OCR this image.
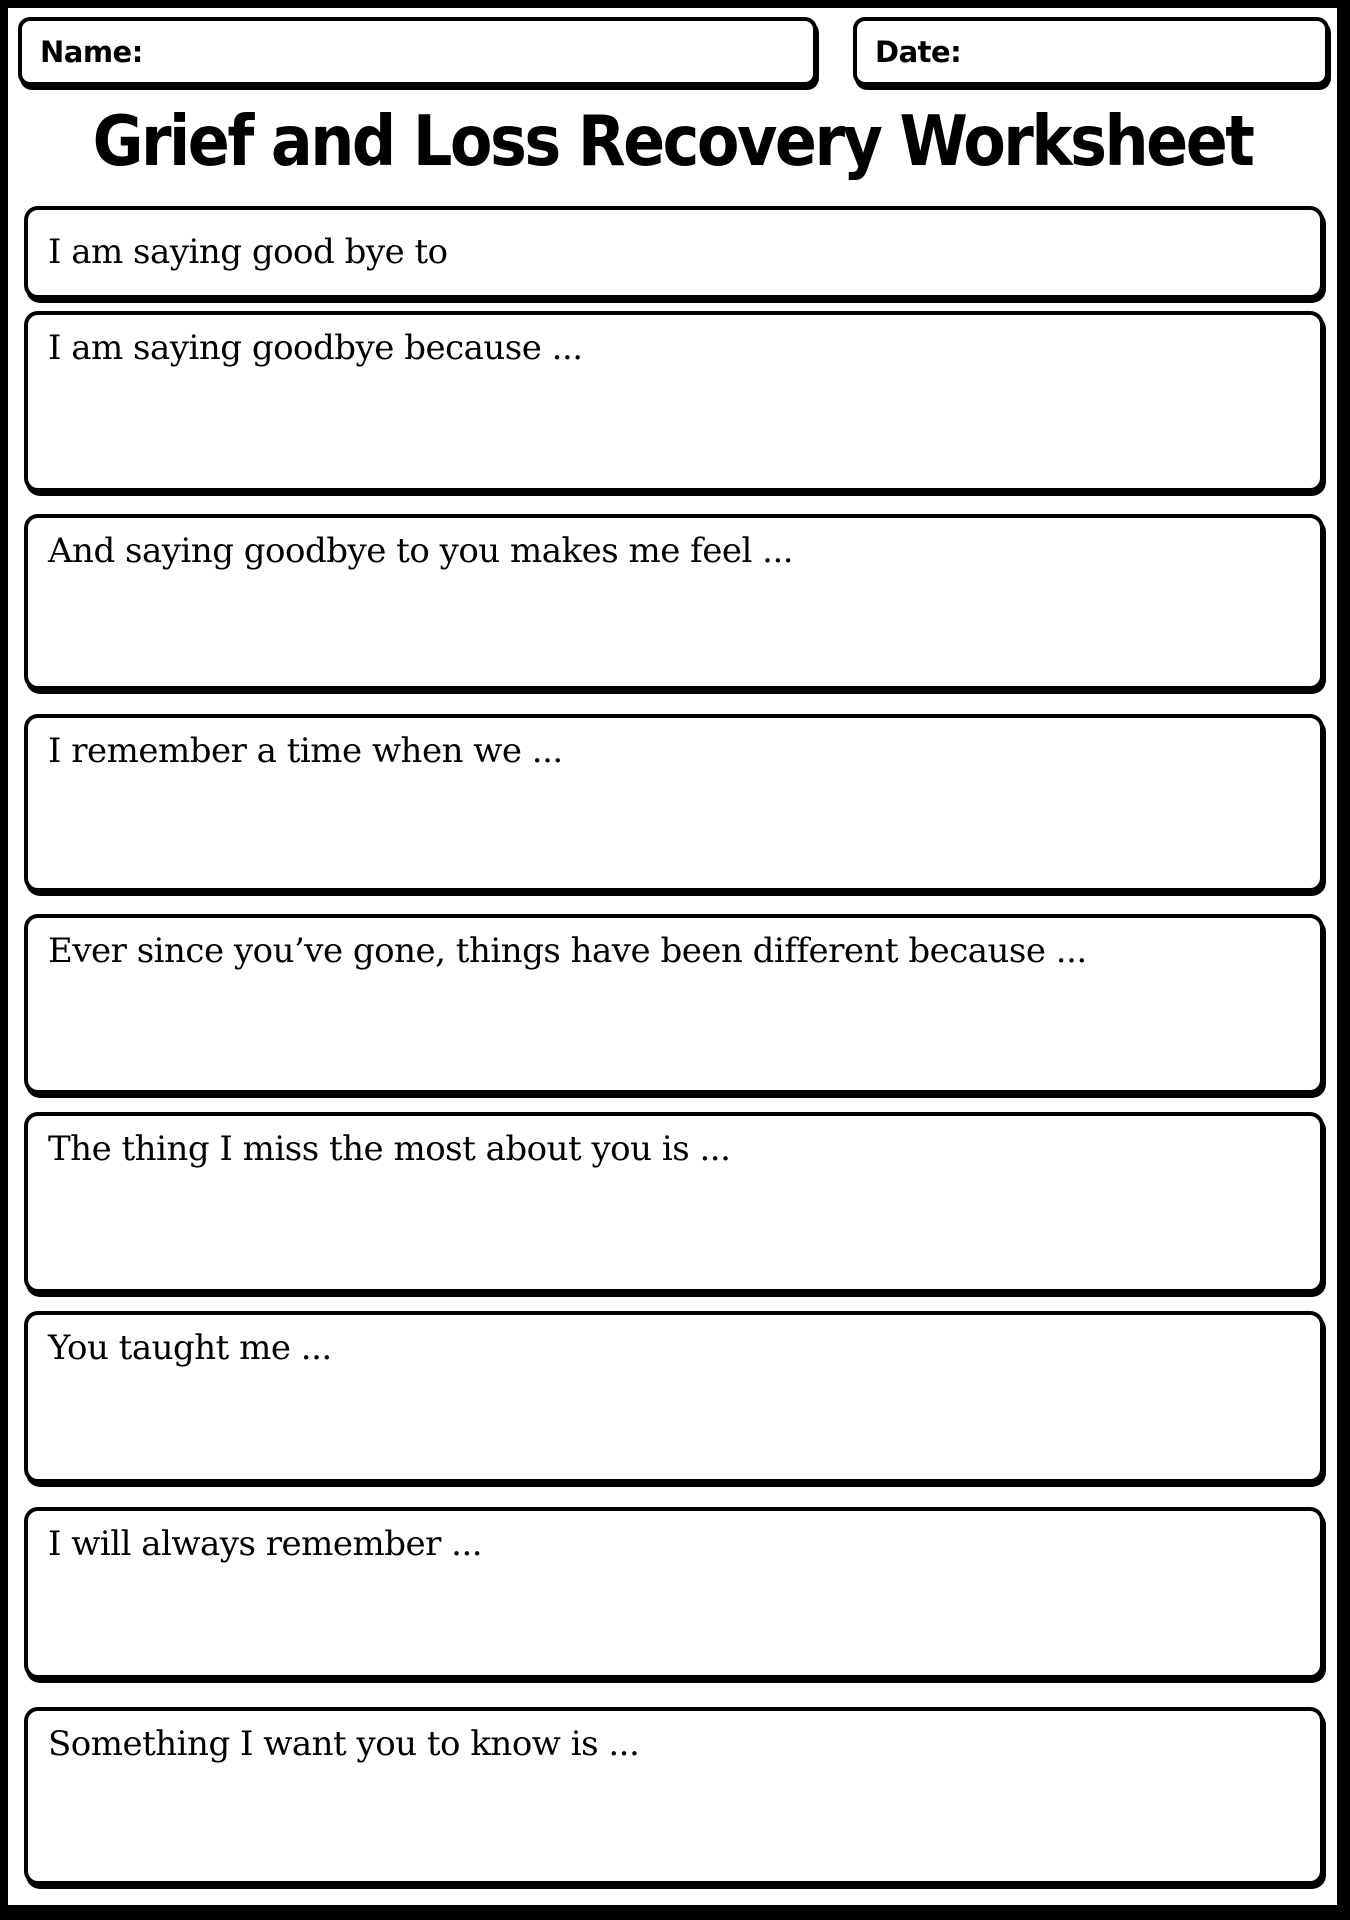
Name:	Date:
Grief and Loss Recovery Worksheet
I am saying good bye to
I am saying goodbye because ...
And saying goodbye to you makes me feel ...
I remember a time when we ...
Ever since you’ve gone, things have been different because ...
The thing I miss the most about you is ...
You taught me ...
I will always remember ...
Something I want you to know is ...
